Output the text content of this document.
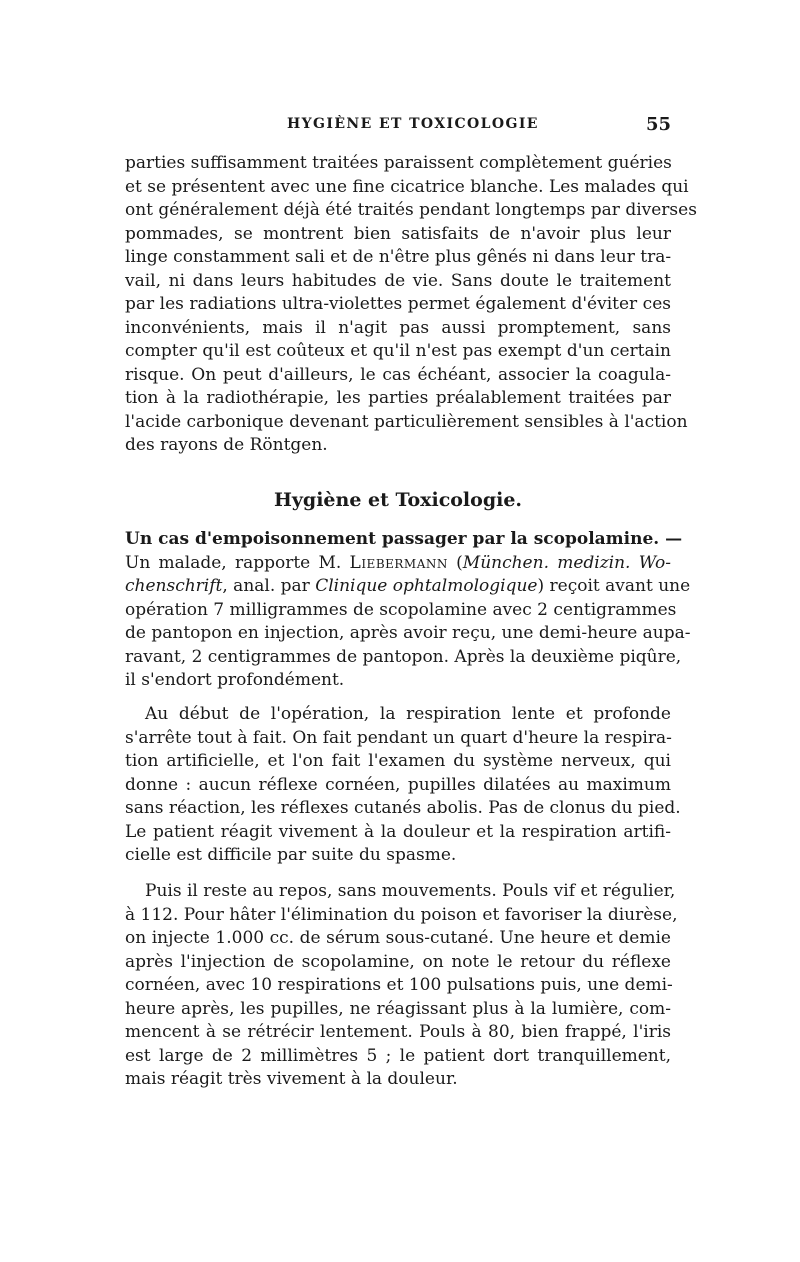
HYGIÈNE ET TOXICOLOGIE	55
parties suffisamment traitées paraissent complètement guéries
et se présentent avec une fine cicatrice blanche. Les malades qui
ont généralement déjà été traités pendant longtemps par diverses
pommades, se montrent bien satisfaits de n'avoir plus leur
linge constamment sali et de n'être plus gênés ni dans leur tra-
vail, ni dans leurs habitudes de vie. Sans doute le traitement
par les radiations ultra-violettes permet également d'éviter ces
inconvénients, mais il n'agit pas aussi promptement, sans
compter qu'il est coûteux et qu'il n'est pas exempt d'un certain
risque. On peut d'ailleurs, le cas échéant, associer la coagula-
tion à la radiothérapie, les parties préalablement traitées par
l'acide carbonique devenant particulièrement sensibles à l'action
des rayons de Röntgen.
Hygiène et Toxicologie.
Un cas d'empoisonnement passager par la scopolamine. —
Un malade, rapporte M. Liebermann (München. medizin. Wo-
chenschrift, anal. par Clinique ophtalmologique) reçoit avant une
opération 7 milligrammes de scopolamine avec 2 centigrammes
de pantopon en injection, après avoir reçu, une demi-heure aupa-
ravant, 2 centigrammes de pantopon. Après la deuxième piqûre,
il s'endort profondément.
Au début de l'opération, la respiration lente et profonde
s'arrête tout à fait. On fait pendant un quart d'heure la respira-
tion artificielle, et l'on fait l'examen du système nerveux, qui
donne : aucun réflexe cornéen, pupilles dilatées au maximum
sans réaction, les réflexes cutanés abolis. Pas de clonus du pied.
Le patient réagit vivement à la douleur et la respiration artifi-
cielle est difficile par suite du spasme.
Puis il reste au repos, sans mouvements. Pouls vif et régulier,
à 112. Pour hâter l'élimination du poison et favoriser la diurèse,
on injecte 1.000 cc. de sérum sous-cutané. Une heure et demie
après l'injection de scopolamine, on note le retour du réflexe
cornéen, avec 10 respirations et 100 pulsations puis, une demi-
heure après, les pupilles, ne réagissant plus à la lumière, com-
mencent à se rétrécir lentement. Pouls à 80, bien frappé, l'iris
est large de 2 millimètres 5 ; le patient dort tranquillement,
mais réagit très vivement à la douleur.
